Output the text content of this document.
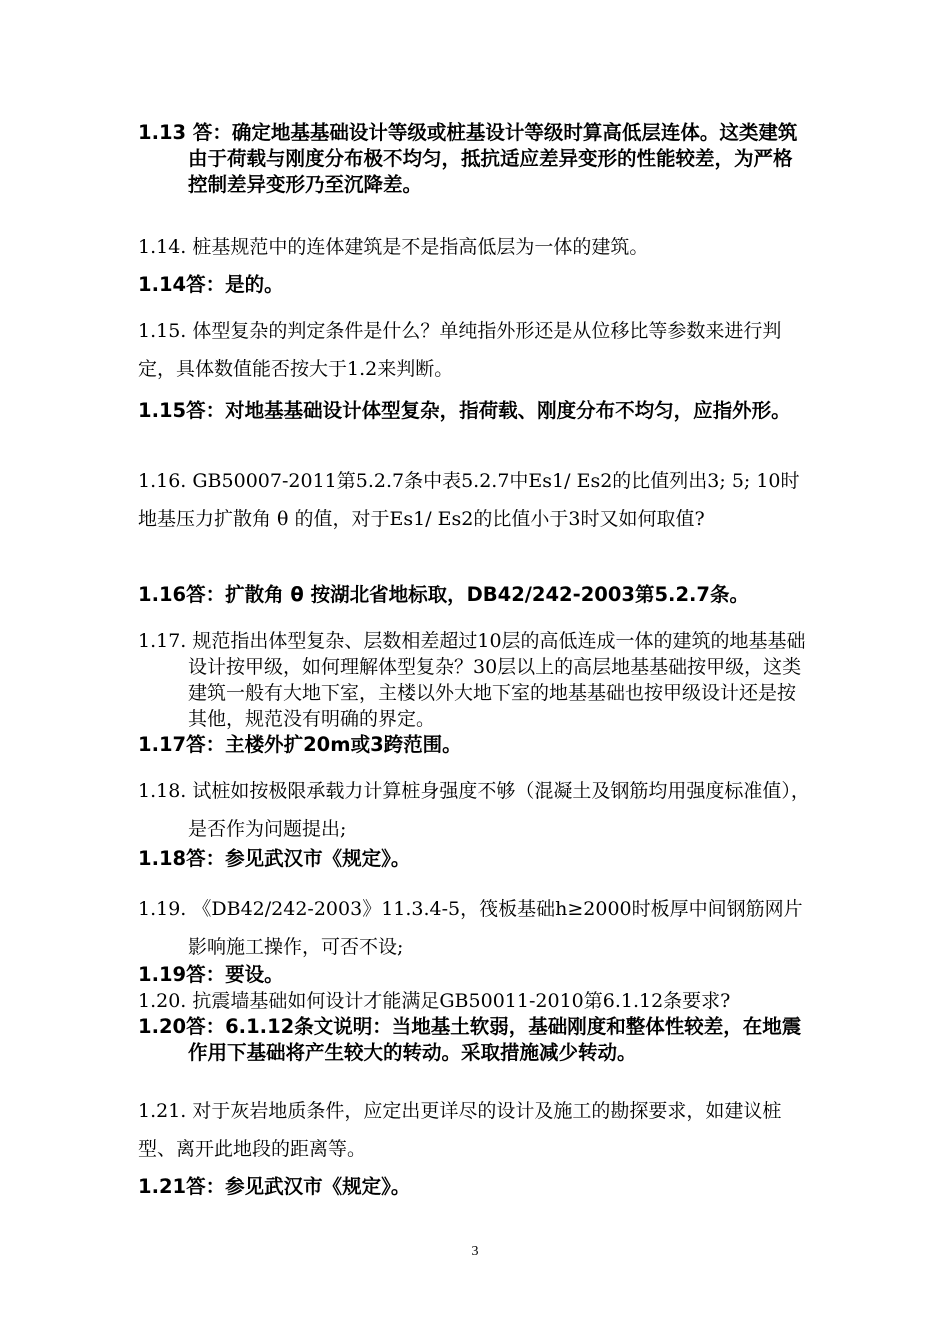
1.13 答：确定地基基础设计等级或桩基设计等级时算高低层连体。这类建筑由于荷载与刚度分布极不均匀，抵抗适应差异变形的性能较差，为严格控制差异变形乃至沉降差。

1.14. 桩基规范中的连体建筑是不是指高低层为一体的建筑。

1.14答：是的。

1.15. 体型复杂的判定条件是什么？单纯指外形还是从位移比等参数来进行判定，具体数值能否按大于1.2来判断。

1.15答：对地基基础设计体型复杂，指荷载、刚度分布不均匀，应指外形。

1.16. GB50007-2011第5.2.7条中表5.2.7中Es1/ Es2的比值列出3; 5; 10时地基压力扩散角 θ 的值，对于Es1/ Es2的比值小于3时又如何取值?

1.16答：扩散角 θ 按湖北省地标取，DB42/242-2003第5.2.7条。

1.17. 规范指出体型复杂、层数相差超过10层的高低连成一体的建筑的地基基础设计按甲级，如何理解体型复杂？30层以上的高层地基基础按甲级，这类建筑一般有大地下室，主楼以外大地下室的地基基础也按甲级设计还是按其他，规范没有明确的界定。

1.17答：主楼外扩20m或3跨范围。

1.18. 试桩如按极限承载力计算桩身强度不够（混凝土及钢筋均用强度标准值），是否作为问题提出;

1.18答：参见武汉市《规定》。

1.19. 《DB42/242-2003》11.3.4-5，筏板基础h≥2000时板厚中间钢筋网片影响施工操作，可否不设;

1.19答：要设。

1.20. 抗震墙基础如何设计才能满足GB50011-2010第6.1.12条要求?

1.20答：6.1.12条文说明：当地基土软弱，基础刚度和整体性较差，在地震作用下基础将产生较大的转动。采取措施减少转动。

1.21. 对于灰岩地质条件，应定出更详尽的设计及施工的勘探要求，如建议桩型、离开此地段的距离等。

1.21答：参见武汉市《规定》。

3
